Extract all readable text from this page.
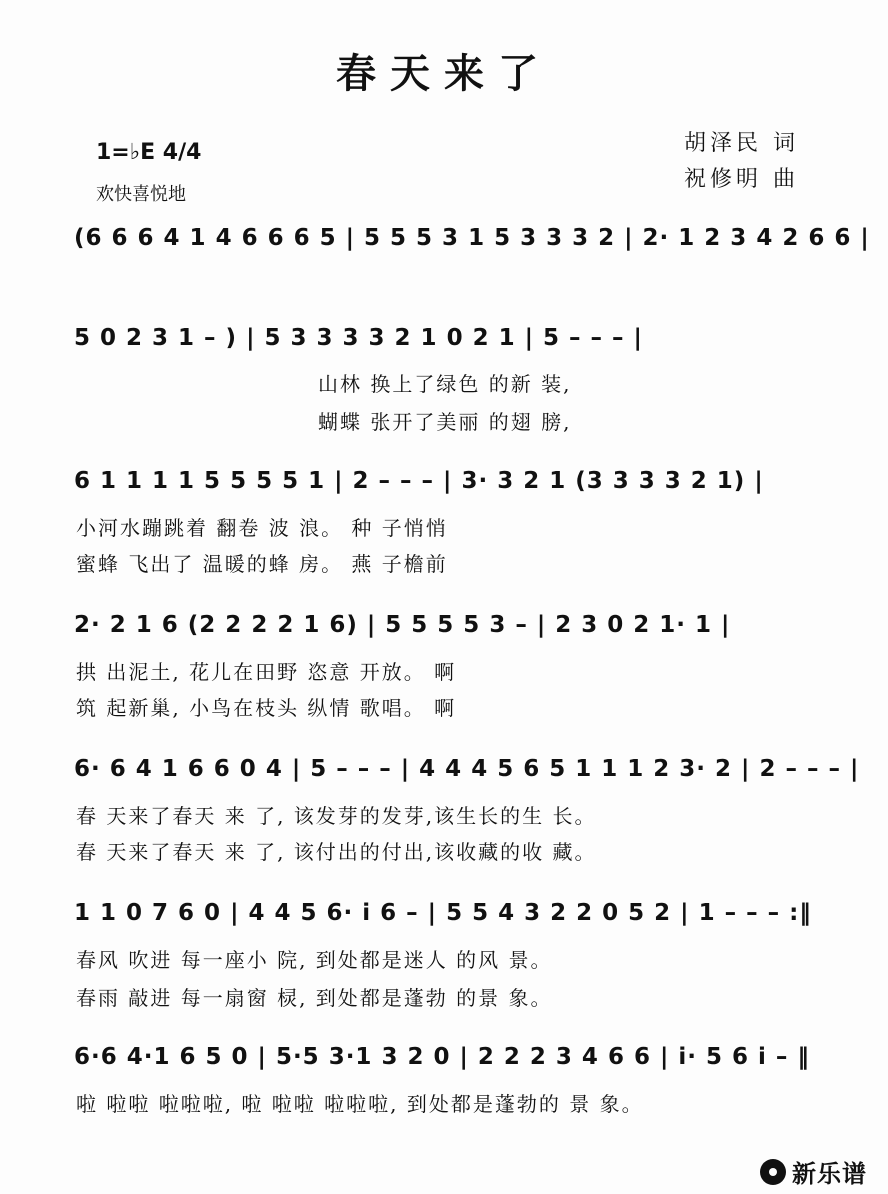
春天来了
1=♭E 4/4
欢快喜悦地
胡泽民 词
祝修明 曲
(6 6 6 4 1 4 6 6 6 5 | 5 5 5 3 1 5 3 3 3 2 | 2· 1 2 3 4 2 6 6 |
5 0 2 3 1 – ) | 5 3 3 3 3 2 1 0 2 1 | 5 – – – |
山林 换上了绿色 的新 装,
蝴蝶 张开了美丽 的翅 膀,
6 1 1 1 1 5 5 5 5 1 | 2 – – – | 3· 3 2 1 (3 3 3 3 2 1) |
小河水蹦跳着 翻卷 波 浪。 种 子悄悄
蜜蜂 飞出了 温暖的蜂 房。 燕 子檐前
2· 2 1 6 (2 2 2 2 1 6) | 5 5 5 5 3 – | 2 3 0 2 1· 1 |
拱 出泥土, 花儿在田野 恣意 开放。 啊
筑 起新巢, 小鸟在枝头 纵情 歌唱。 啊
6· 6 4 1 6 6 0 4 | 5 – – – | 4 4 4 5 6 5 1 1 1 2 3· 2 | 2 – – – |
春 天来了春天 来 了, 该发芽的发芽,该生长的生 长。
春 天来了春天 来 了, 该付出的付出,该收藏的收 藏。
1 1 0 7 6 0 | 4 4 5 6· i 6 – | 5 5 4 3 2 2 0 5 2 | 1 – – – :‖
春风 吹进 每一座小 院, 到处都是迷人 的风 景。
春雨 敲进 每一扇窗 棂, 到处都是蓬勃 的景 象。
6·6 4·1 6 5 0 | 5·5 3·1 3 2 0 | 2 2 2 3 4 6 6 | i· 5 6 i – ‖
啦 啦啦 啦啦啦, 啦 啦啦 啦啦啦, 到处都是蓬勃的 景 象。
新乐谱
